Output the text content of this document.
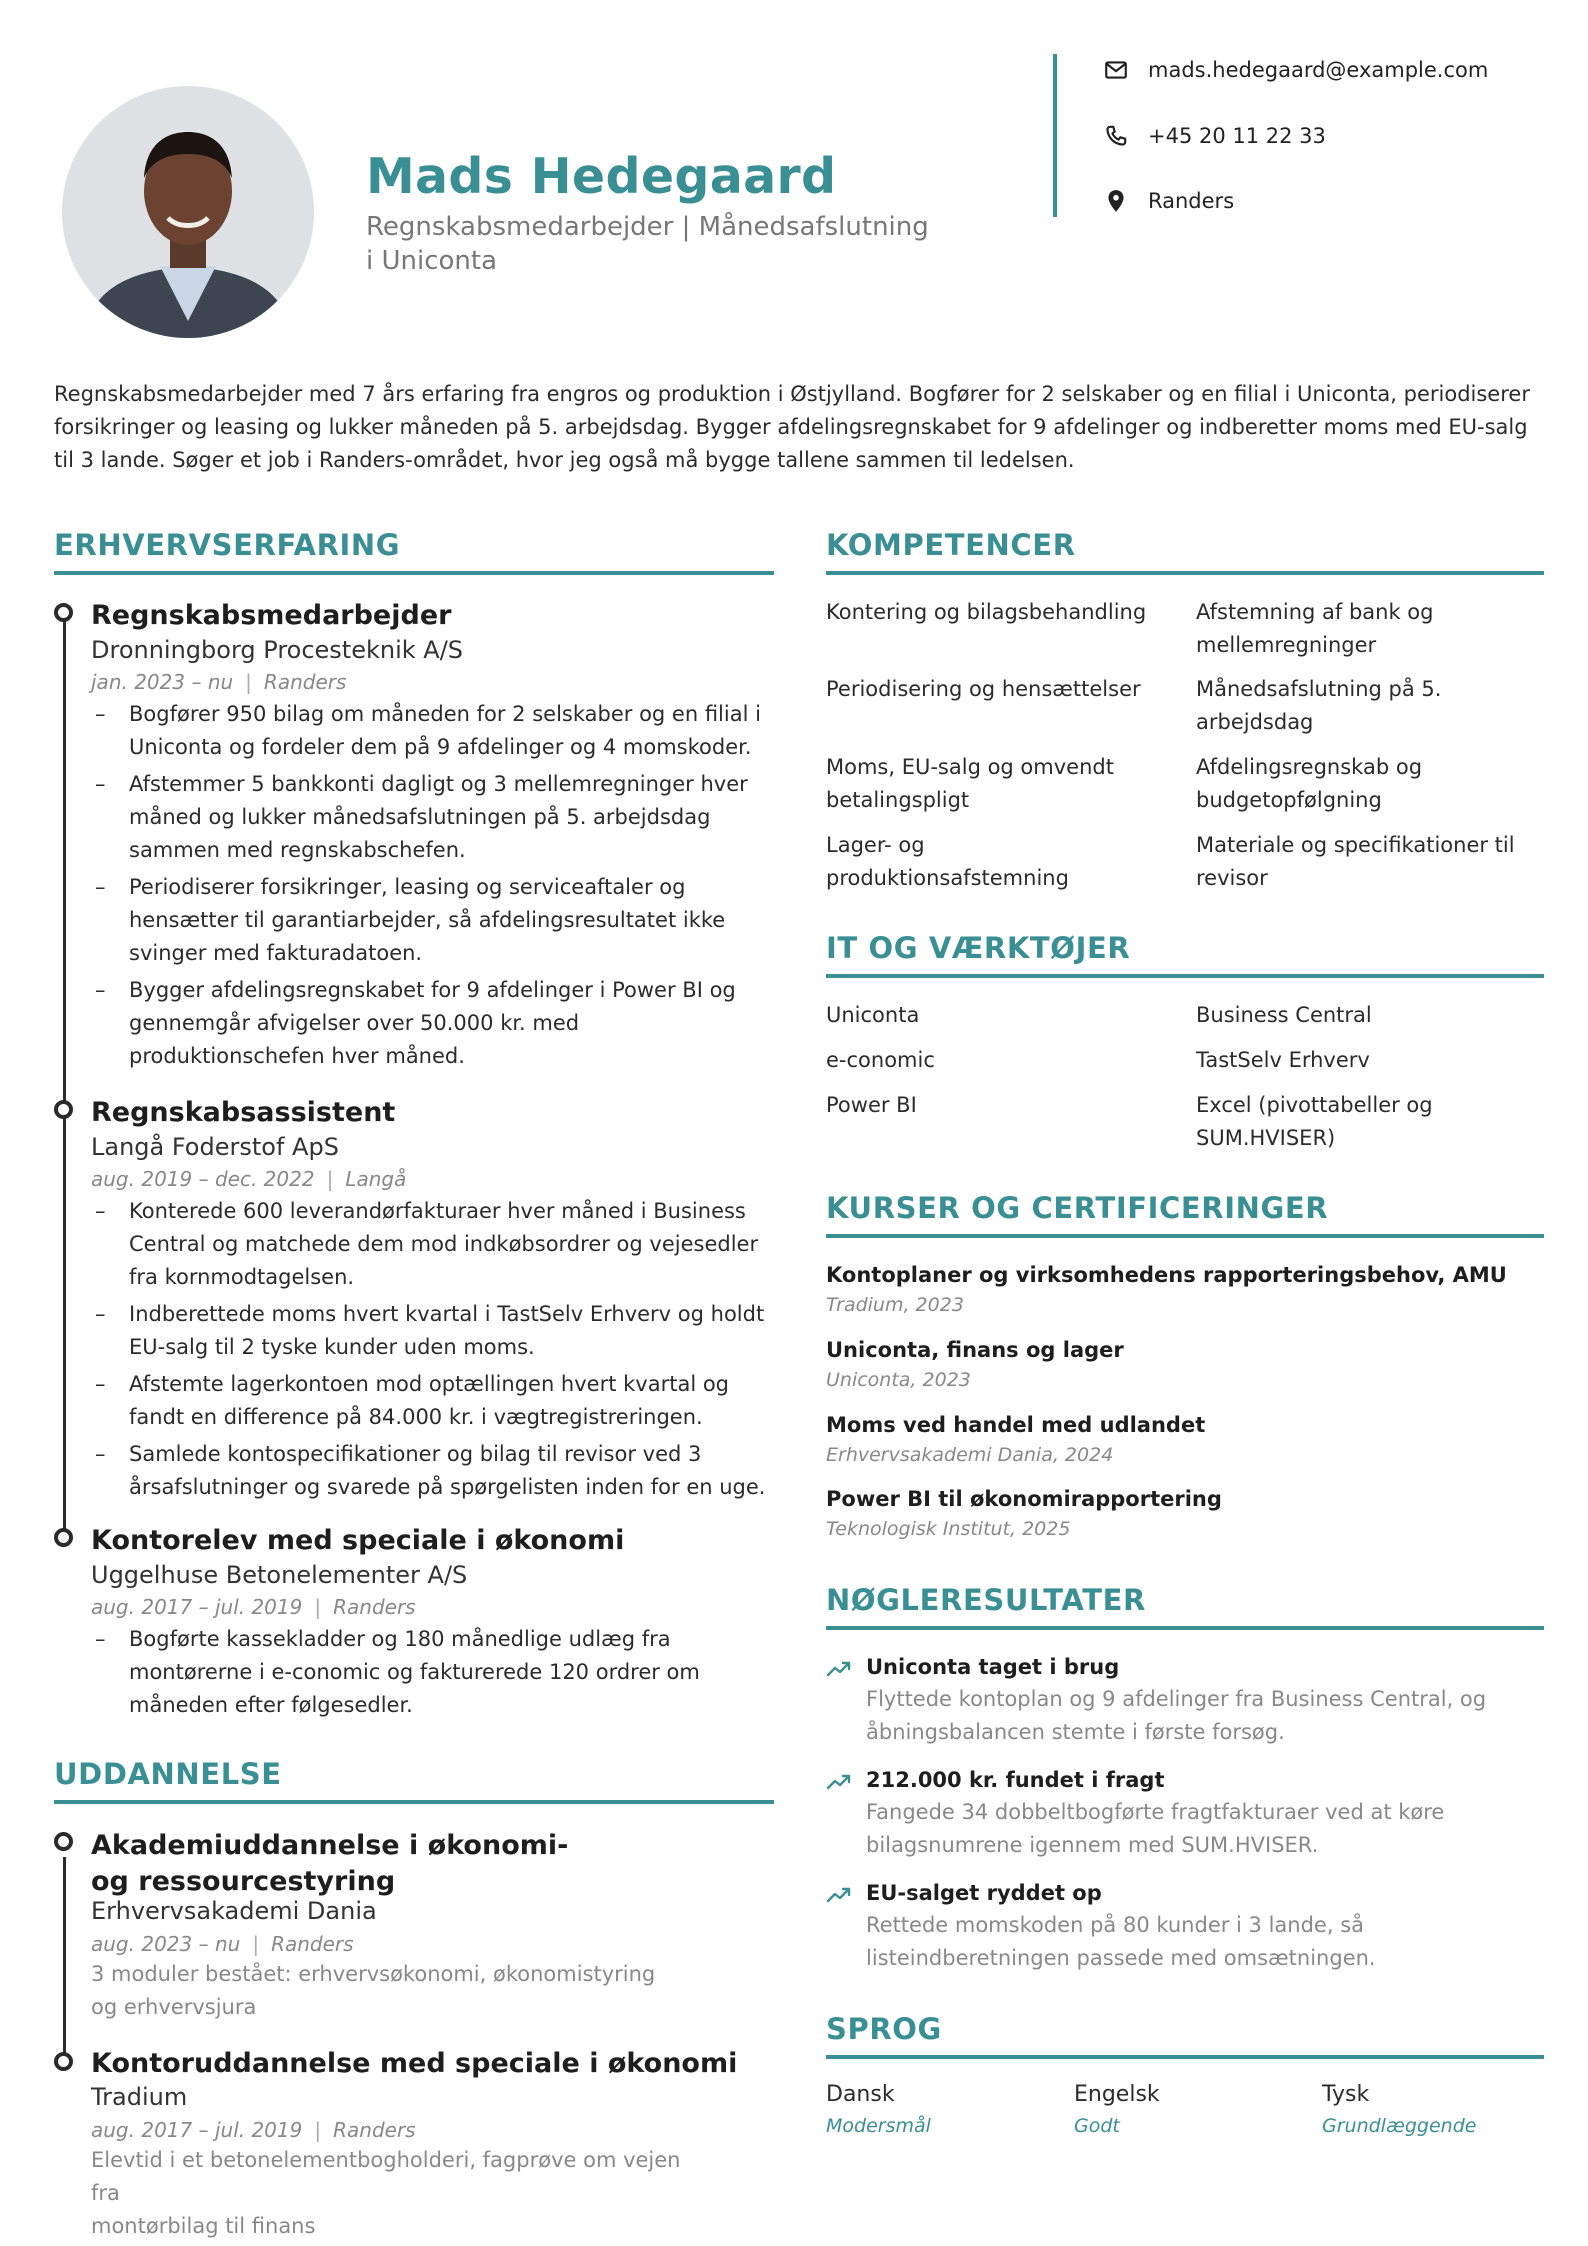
Mads Hedegaard
Regnskabsmedarbejder | Månedsafslutning
i Uniconta
mads.hedegaard@example.com
+45 20 11 22 33
Randers
Regnskabsmedarbejder med 7 års erfaring fra engros og produktion i Østjylland. Bogfører for 2 selskaber og en filial i Uniconta, periodiserer forsikringer og leasing og lukker måneden på 5. arbejdsdag. Bygger afdelingsregnskabet for 9 afdelinger og indberetter moms med EU-salg til 3 lande. Søger et job i Randers-området, hvor jeg også må bygge tallene sammen til ledelsen.
ERHVERVSERFARING
Regnskabsmedarbejder
Dronningborg Procesteknik A/S
jan. 2023 – nu | Randers
– Bogfører 950 bilag om måneden for 2 selskaber og en filial i Uniconta og fordeler dem på 9 afdelinger og 4 momskoder.
– Afstemmer 5 bankkonti dagligt og 3 mellemregninger hver måned og lukker månedsafslutningen på 5. arbejdsdag sammen med regnskabschefen.
– Periodiserer forsikringer, leasing og serviceaftaler og hensætter til garantiarbejder, så afdelingsresultatet ikke svinger med fakturadatoen.
– Bygger afdelingsregnskabet for 9 afdelinger i Power BI og gennemgår afvigelser over 50.000 kr. med produktionschefen hver måned.
Regnskabsassistent
Langå Foderstof ApS
aug. 2019 – dec. 2022 | Langå
– Konterede 600 leverandørfakturaer hver måned i Business Central og matchede dem mod indkøbsordrer og vejesedler fra kornmodtagelsen.
– Indberettede moms hvert kvartal i TastSelv Erhverv og holdt EU-salg til 2 tyske kunder uden moms.
– Afstemte lagerkontoen mod optællingen hvert kvartal og fandt en difference på 84.000 kr. i vægtregistreringen.
– Samlede kontospecifikationer og bilag til revisor ved 3 årsafslutninger og svarede på spørgelisten inden for en uge.
Kontorelev med speciale i økonomi
Uggelhuse Betonelementer A/S
aug. 2017 – jul. 2019 | Randers
– Bogførte kassekladder og 180 månedlige udlæg fra montørerne i e-conomic og fakturerede 120 ordrer om måneden efter følgesedler.
UDDANNELSE
Akademiuddannelse i økonomi-
og ressourcestyring
Erhvervsakademi Dania
aug. 2023 – nu | Randers
3 moduler bestået: erhvervsøkonomi, økonomistyring
og erhvervsjura
Kontoruddannelse med speciale i økonomi
Tradium
aug. 2017 – jul. 2019 | Randers
Elevtid i et betonelementbogholderi, fagprøve om vejen fra
montørbilag til finans
KOMPETENCER
Kontering og bilagsbehandling
Periodisering og hensættelser
Moms, EU-salg og omvendt
betalingspligt
Lager- og
produktionsafstemning
Afstemning af bank og
mellemregninger
Månedsafslutning på 5.
arbejdsdag
Afdelingsregnskab og
budgetopfølgning
Materiale og specifikationer til
revisor
IT OG VÆRKTØJER
Uniconta
e-conomic
Power BI
Business Central
TastSelv Erhverv
Excel (pivottabeller og
SUM.HVISER)
KURSER OG CERTIFICERINGER
Kontoplaner og virksomhedens rapporteringsbehov, AMU
Tradium, 2023
Uniconta, finans og lager
Uniconta, 2023
Moms ved handel med udlandet
Erhvervsakademi Dania, 2024
Power BI til økonomirapportering
Teknologisk Institut, 2025
NØGLERESULTATER
Uniconta taget i brug
Flyttede kontoplan og 9 afdelinger fra Business Central, og
åbningsbalancen stemte i første forsøg.
212.000 kr. fundet i fragt
Fangede 34 dobbeltbogførte fragtfakturaer ved at køre
bilagsnumrene igennem med SUM.HVISER.
EU-salget ryddet op
Rettede momskoden på 80 kunder i 3 lande, så
listeindberetningen passede med omsætningen.
SPROG
Dansk
Modersmål
Engelsk
Godt
Tysk
Grundlæggende
